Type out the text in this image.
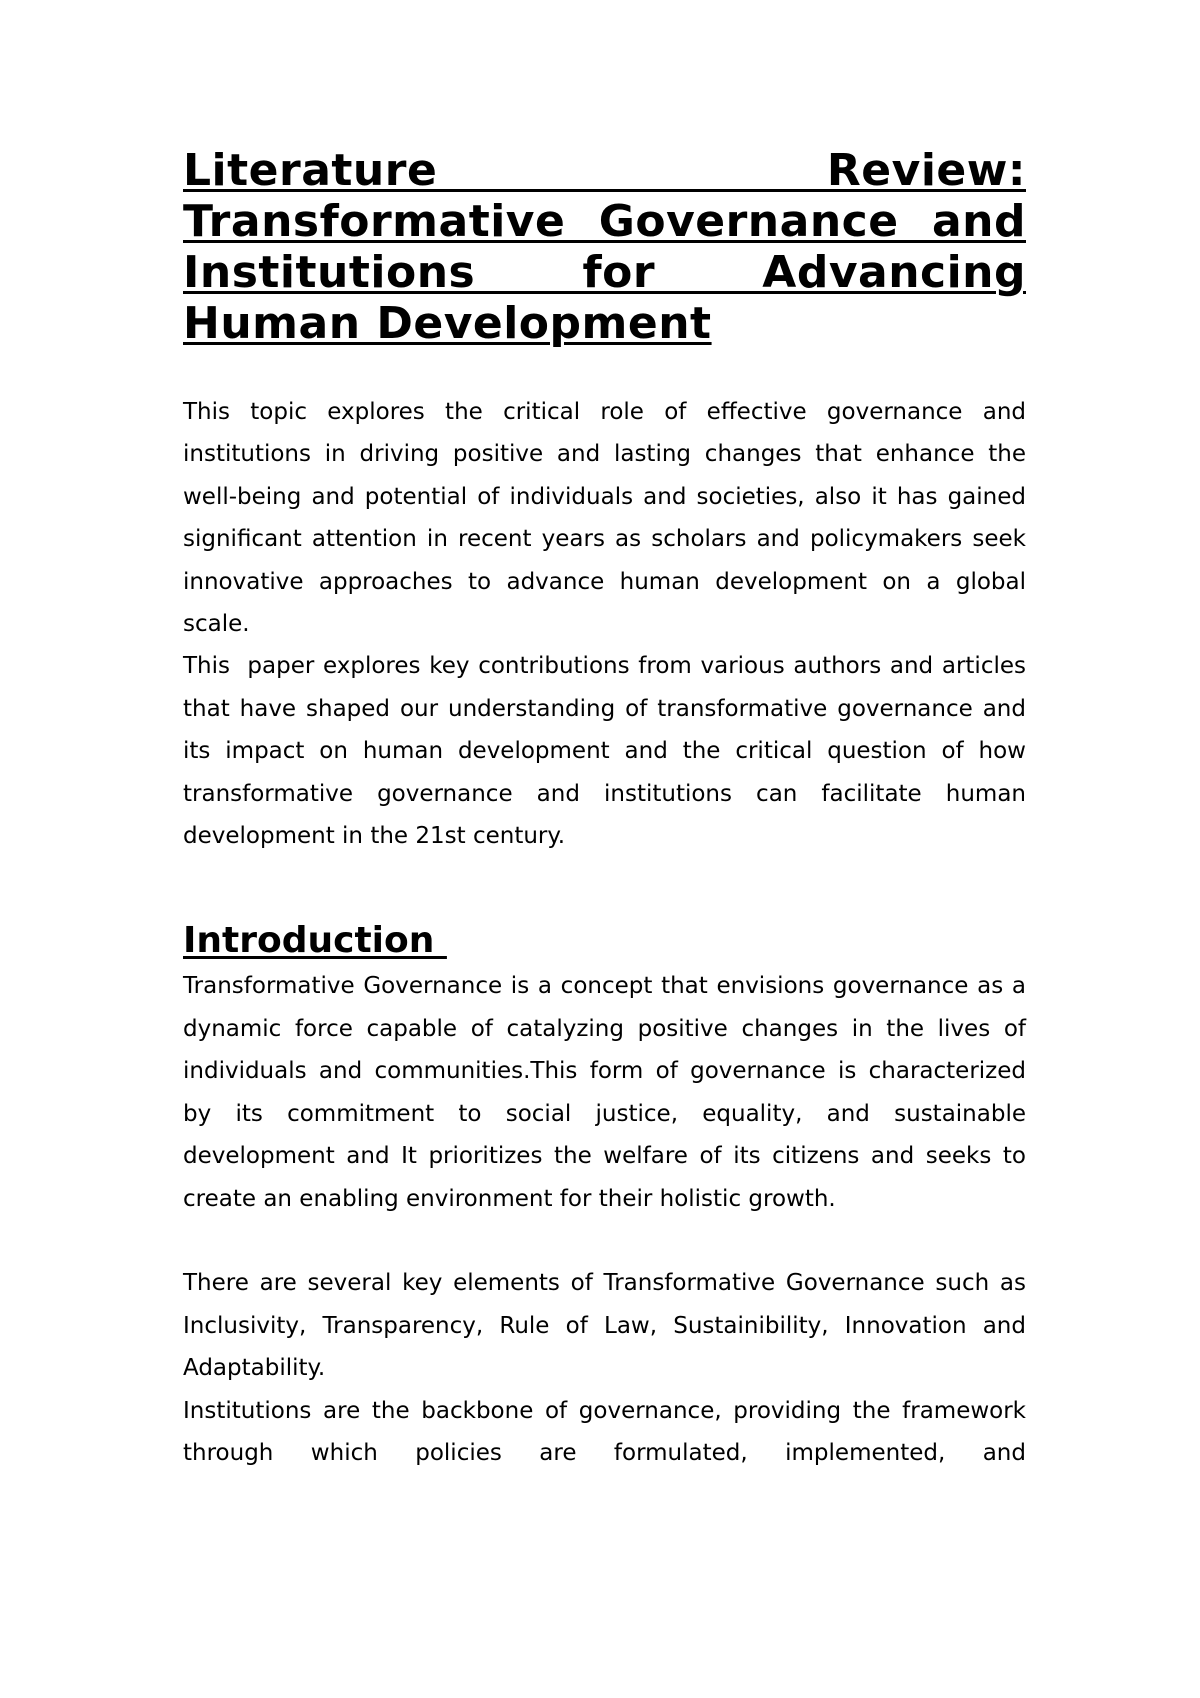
Literature Review: Transformative Governance and Institutions for Advancing Human Development

This topic explores the critical role of effective governance and institutions in driving positive and lasting changes that enhance the well-being and potential of individuals and societies, also it has gained significant attention in recent years as scholars and policymakers seek innovative approaches to advance human development on a global scale.

This  paper explores key contributions from various authors and articles that have shaped our understanding of transformative governance and its impact on human development and the critical question of how transformative governance and institutions can facilitate human development in the 21st century.

Introduction

Transformative Governance is a concept that envisions governance as a dynamic force capable of catalyzing positive changes in the lives of individuals and communities.This form of governance is characterized by its commitment to social justice, equality, and sustainable development and It prioritizes the welfare of its citizens and seeks to create an enabling environment for their holistic growth.

There are several key elements of Transformative Governance such as Inclusivity, Transparency, Rule of Law, Sustainibility, Innovation and Adaptability.

Institutions are the backbone of governance, providing the framework through which policies are formulated, implemented, and
